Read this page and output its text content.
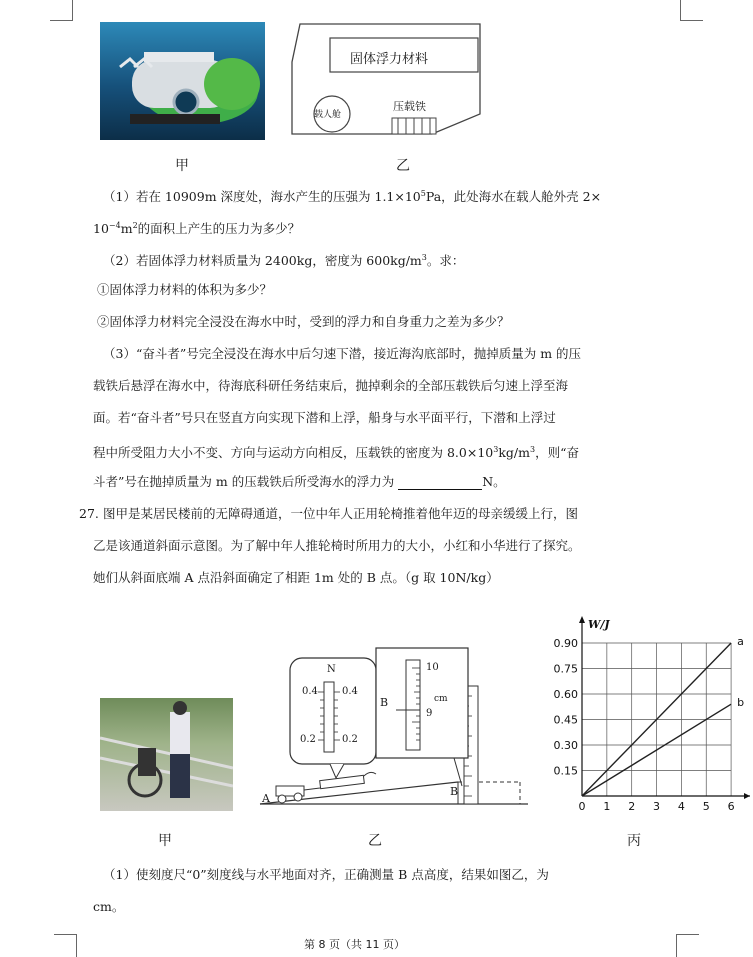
甲
固体浮力材料
载人舱
压载铁
乙
（1）若在 10909m 深度处，海水产生的压强为 $1.1\times 10^5Pa$，此处海水在载人舱外壳 2×
$10^{-4}m^2$的面积上产生的压力为多少？
（2）若固体浮力材料质量为 2400kg，密度为 $600kg/m^3$。求：
①固体浮力材料的体积为多少？
②固体浮力材料完全浸没在海水中时，受到的浮力和自身重力之差为多少？
（3）“奋斗者”号完全浸没在海水中后匀速下潜，接近海沟底部时，抛掉质量为 m 的压
载铁后悬浮在海水中，待海底科研任务结束后，抛掉剩余的全部压载铁后匀速上浮至海
面。若“奋斗者”号只在竖直方向实现下潜和上浮，船身与水平面平行，下潜和上浮过
程中所受阻力大小不变、方向与运动方向相反，压载铁的密度为 $8.0\times 10^3kg/m^3$，则“奋
斗者”号在抛掉质量为 m 的压载铁后所受海水的浮力为	N。
27. 图甲是某居民楼前的无障碍通道，一位中年人正用轮椅推着他年迈的母亲缓缓上行，图
乙是该通道斜面示意图。为了解中年人推轮椅时所用力的大小，小红和小华进行了探究。
她们从斜面底端 A 点沿斜面确定了相距 1m 处的 B 点。（g 取 10N/kg）
甲
N
0.4 0.4
0.2	0.2
B
10
9
cm
A
B
乙
0.15
0.30
0.45
0.60
0.75
0.90
0 1 2 3 4 5 6
W/J
a
b
丙
（1）使刻度尺“0”刻度线与水平地面对齐，正确测量 B 点高度，结果如图乙，为
cm。
第 8 页（共 11 页）
